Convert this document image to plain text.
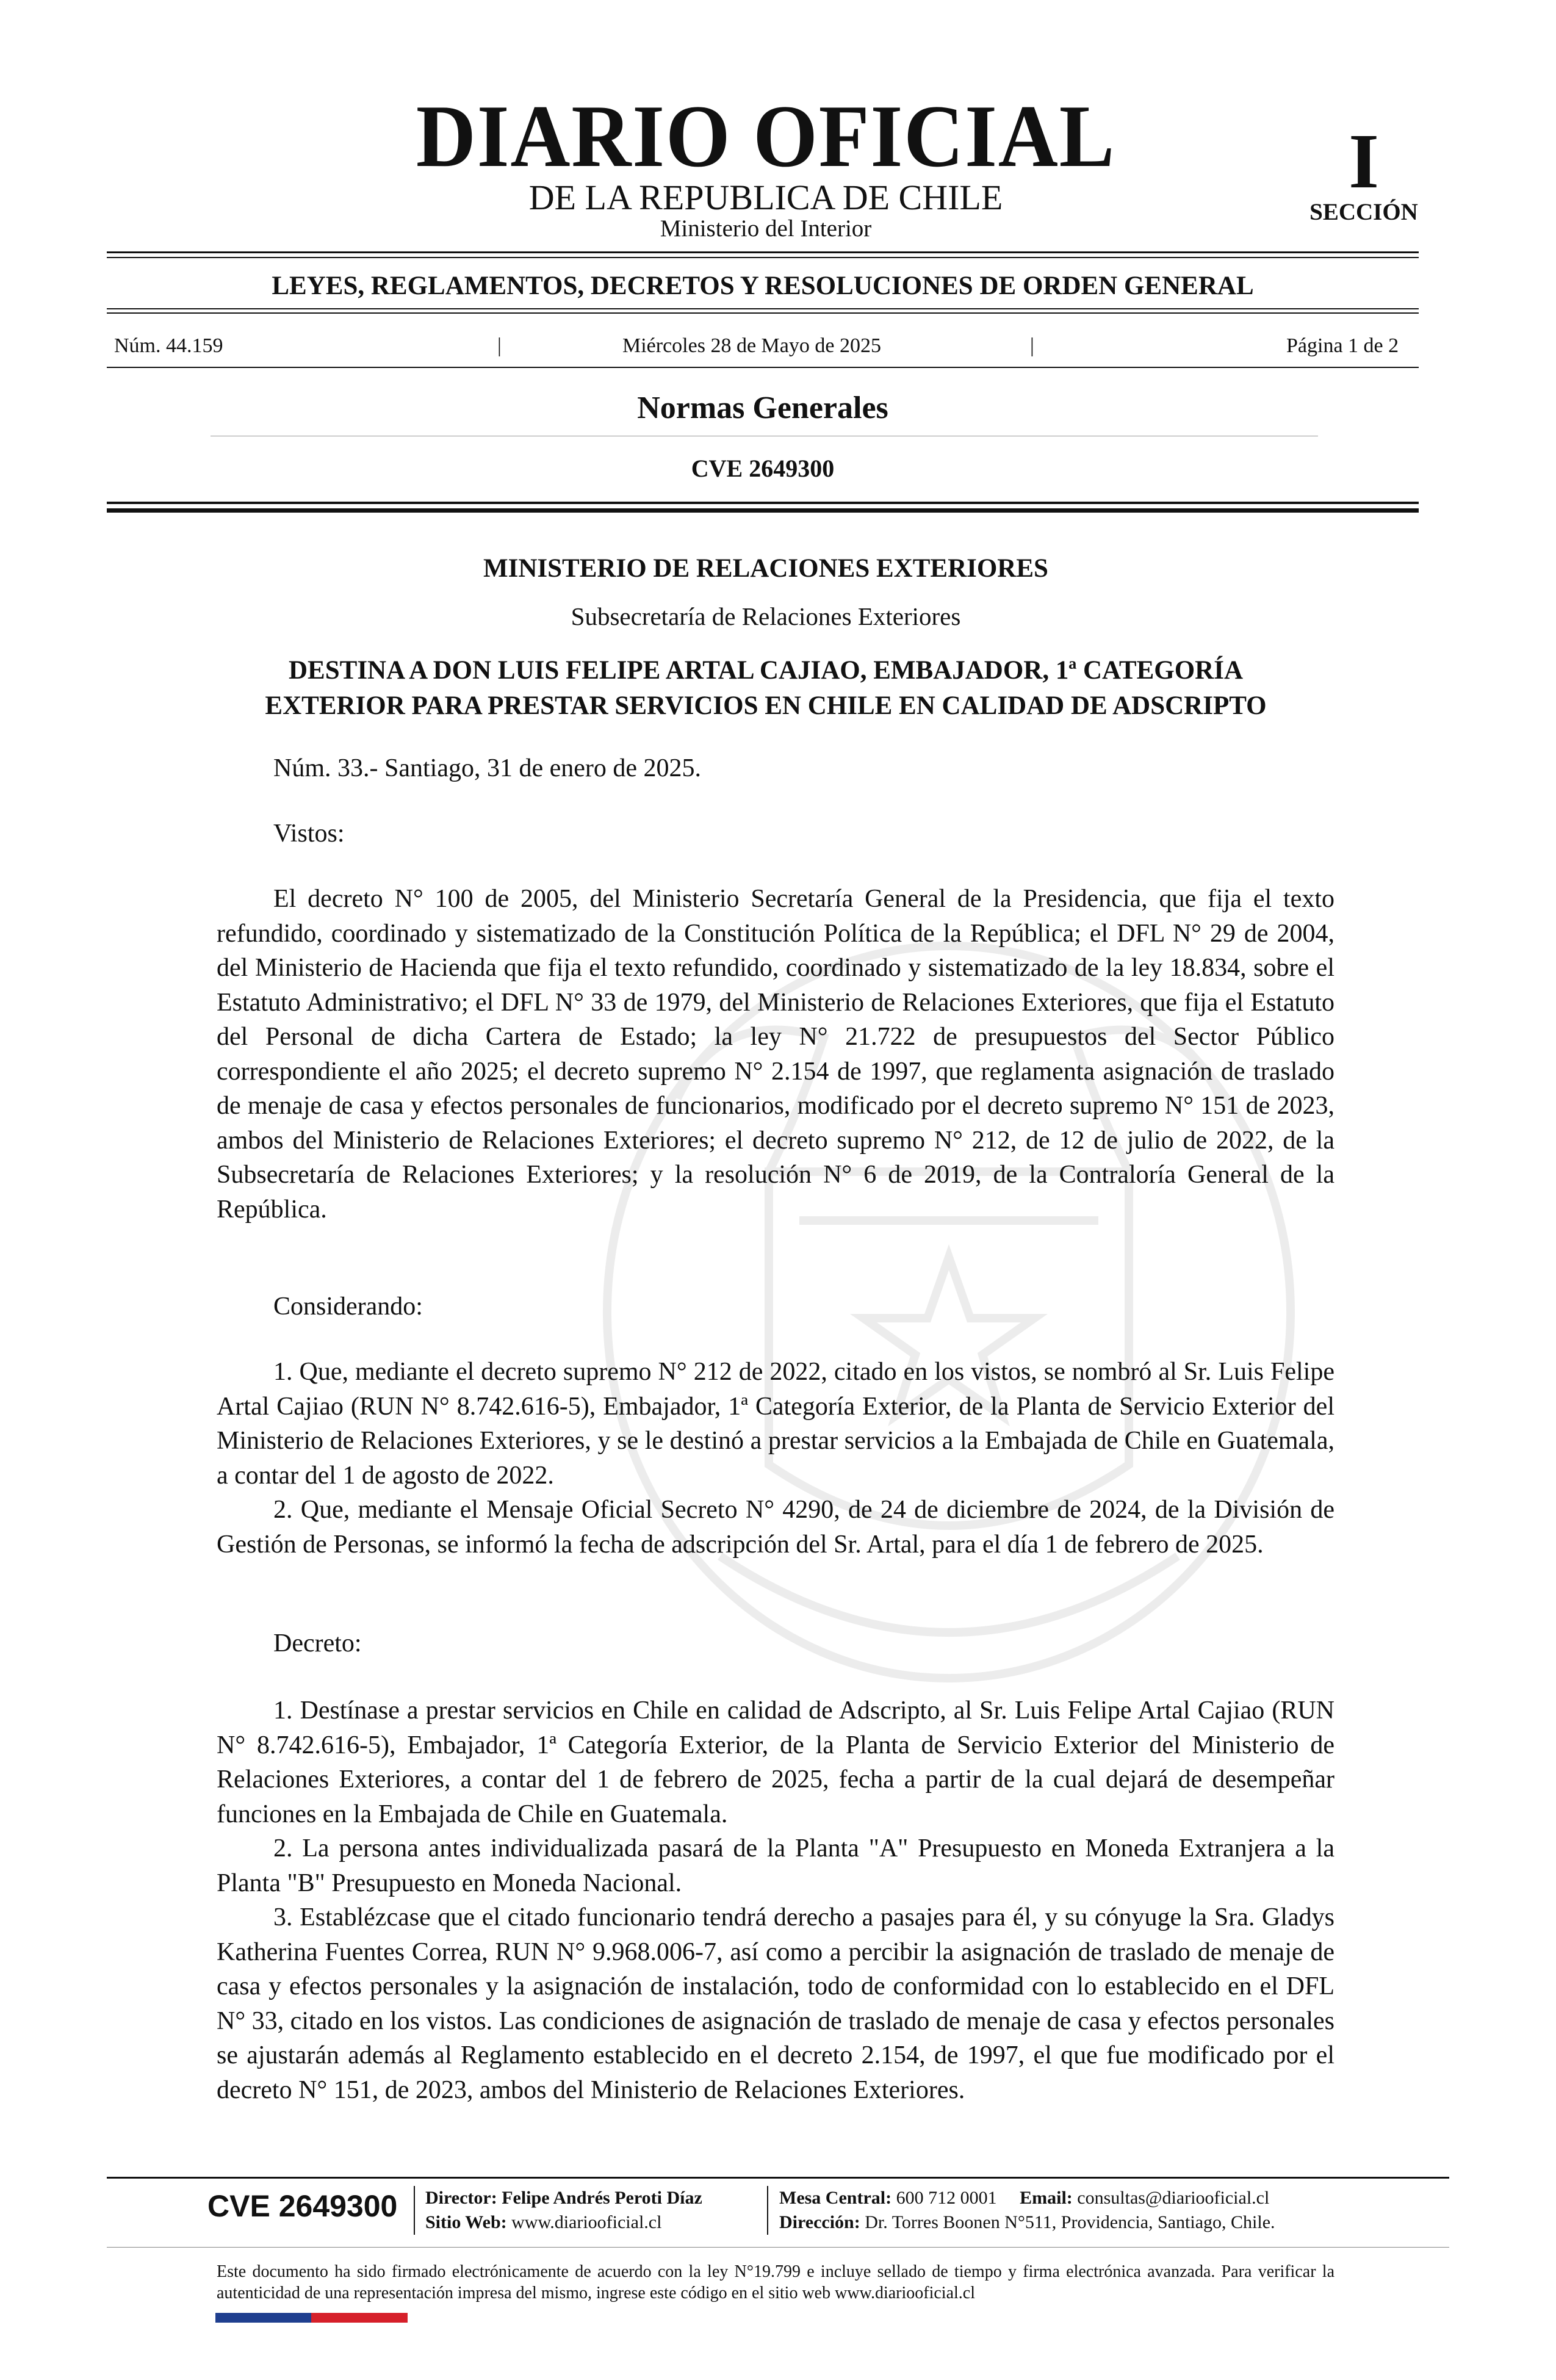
DIARIO OFICIAL
DE LA REPUBLICA DE CHILE
Ministerio del Interior
I
SECCIÓN
LEYES, REGLAMENTOS, DECRETOS Y RESOLUCIONES DE ORDEN GENERAL
Núm. 44.159	|	Miércoles 28 de Mayo de 2025	|	Página 1 de 2
Normas Generales
CVE 2649300
MINISTERIO DE RELACIONES EXTERIORES
Subsecretaría de Relaciones Exteriores
DESTINA A DON LUIS FELIPE ARTAL CAJIAO, EMBAJADOR, 1ª CATEGORÍA
EXTERIOR PARA PRESTAR SERVICIOS EN CHILE EN CALIDAD DE ADSCRIPTO
Núm. 33.- Santiago, 31 de enero de 2025.
Vistos:

El decreto N° 100 de 2005, del Ministerio Secretaría General de la Presidencia, que fija el texto refundido, coordinado y sistematizado de la Constitución Política de la República; el DFL N° 29 de 2004, del Ministerio de Hacienda que fija el texto refundido, coordinado y sistematizado de la ley 18.834, sobre el Estatuto Administrativo; el DFL N° 33 de 1979, del Ministerio de Relaciones Exteriores, que fija el Estatuto del Personal de dicha Cartera de Estado; la ley N° 21.722 de presupuestos del Sector Público correspondiente el año 2025; el decreto supremo N° 2.154 de 1997, que reglamenta asignación de traslado de menaje de casa y efectos personales de funcionarios, modificado por el decreto supremo N° 151 de 2023, ambos del Ministerio de Relaciones Exteriores; el decreto supremo N° 212, de 12 de julio de 2022, de la Subsecretaría de Relaciones Exteriores; y la resolución N° 6 de 2019, de la Contraloría General de la República.

Considerando:

1. Que, mediante el decreto supremo N° 212 de 2022, citado en los vistos, se nombró al Sr. Luis Felipe Artal Cajiao (RUN N° 8.742.616-5), Embajador, 1ª Categoría Exterior, de la Planta de Servicio Exterior del Ministerio de Relaciones Exteriores, y se le destinó a prestar servicios a la Embajada de Chile en Guatemala, a contar del 1 de agosto de 2022.

2. Que, mediante el Mensaje Oficial Secreto N° 4290, de 24 de diciembre de 2024, de la División de Gestión de Personas, se informó la fecha de adscripción del Sr. Artal, para el día 1 de febrero de 2025.

Decreto:

1. Destínase a prestar servicios en Chile en calidad de Adscripto, al Sr. Luis Felipe Artal Cajiao (RUN N° 8.742.616-5), Embajador, 1ª Categoría Exterior, de la Planta de Servicio Exterior del Ministerio de Relaciones Exteriores, a contar del 1 de febrero de 2025, fecha a partir de la cual dejará de desempeñar funciones en la Embajada de Chile en Guatemala.

2. La persona antes individualizada pasará de la Planta "A" Presupuesto en Moneda Extranjera a la Planta "B" Presupuesto en Moneda Nacional.

3. Establézcase que el citado funcionario tendrá derecho a pasajes para él, y su cónyuge la Sra. Gladys Katherina Fuentes Correa, RUN N° 9.968.006-7, así como a percibir la asignación de traslado de menaje de casa y efectos personales y la asignación de instalación, todo de conformidad con lo establecido en el DFL N° 33, citado en los vistos. Las condiciones de asignación de traslado de menaje de casa y efectos personales se ajustarán además al Reglamento establecido en el decreto 2.154, de 1997, el que fue modificado por el decreto N° 151, de 2023, ambos del Ministerio de Relaciones Exteriores.

CVE 2649300 Director: Felipe Andrés Peroti Díaz
Sitio Web: www.diariooficial.cl
Mesa Central: 600 712 0001 Email: consultas@diariooficial.cl
Dirección: Dr. Torres Boonen N°511, Providencia, Santiago, Chile.
Este documento ha sido firmado electrónicamente de acuerdo con la ley N°19.799 e incluye sellado de tiempo y firma electrónica avanzada. Para verificar la autenticidad de una representación impresa del mismo, ingrese este código en el sitio web www.diariooficial.cl
